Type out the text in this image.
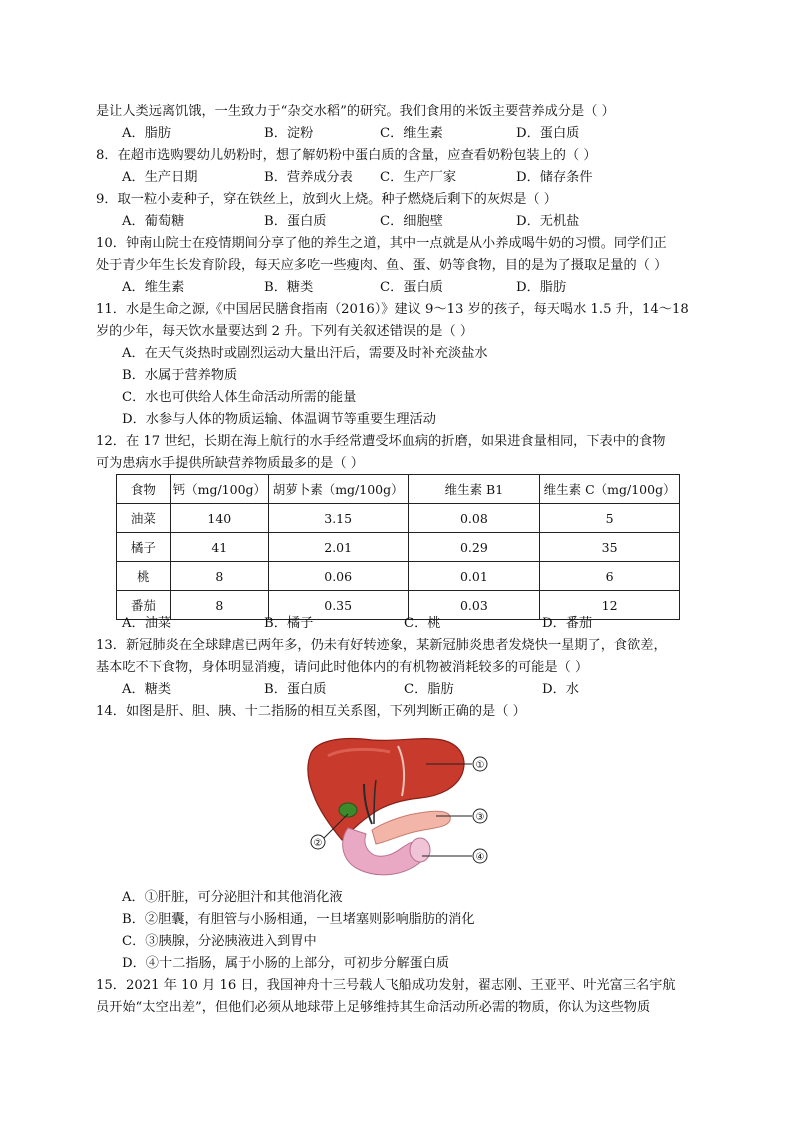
是让人类远离饥饿，一生致力于“杂交水稻”的研究。我们食用的米饭主要营养成分是（ ）
A．脂肪	B．淀粉	C．维生素	D．蛋白质
8．在超市选购婴幼儿奶粉时，想了解奶粉中蛋白质的含量，应查看奶粉包装上的（ ）
A．生产日期	B．营养成分表 C．生产厂家	D．储存条件
9．取一粒小麦种子，穿在铁丝上，放到火上烧。种子燃烧后剩下的灰烬是（ ）
A．葡萄糖	B．蛋白质	C．细胞壁	D．无机盐
10．钟南山院士在疫情期间分享了他的养生之道，其中一点就是从小养成喝牛奶的习惯。同学们正
处于青少年生长发育阶段，每天应多吃一些瘦肉、鱼、蛋、奶等食物，目的是为了摄取足量的（ ）
A．维生素	B．糖类	C．蛋白质	D．脂肪
11．水是生命之源,《中国居民膳食指南（2016）》建议 9～13 岁的孩子，每天喝水 1.5 升，14～18
岁的少年，每天饮水量要达到 2 升。下列有关叙述错误的是（ ）
A．在天气炎热时或剧烈运动大量出汗后，需要及时补充淡盐水
B．水属于营养物质
C．水也可供给人体生命活动所需的能量
D．水参与人体的物质运输、体温调节等重要生理活动
12．在 17 世纪，长期在海上航行的水手经常遭受坏血病的折磨，如果进食量相同，下表中的食物
可为患病水手提供所缺营养物质最多的是（ ）
食物	钙（mg/100g）	胡萝卜素（mg/100g）	维生素 B1	维生素 C（mg/100g）
油菜	140	3.15	0.08	5
橘子	41	2.01	0.29	35
桃	8	0.06	0.01	6
番茄	8	0.35	0.03	12
A．油菜	B．橘子	C．桃	D．番茄
13．新冠肺炎在全球肆虐已两年多，仍未有好转迹象，某新冠肺炎患者发烧快一星期了，食欲差，
基本吃不下食物，身体明显消瘦，请问此时他体内的有机物被消耗较多的可能是（ ）
A．糖类	B．蛋白质	C．脂肪	D．水
14．如图是肝、胆、胰、十二指肠的相互关系图，下列判断正确的是（ ）
①
②
③
④
A．①肝脏，可分泌胆汁和其他消化液
B．②胆囊，有胆管与小肠相通，一旦堵塞则影响脂肪的消化
C．③胰腺，分泌胰液进入到胃中
D．④十二指肠，属于小肠的上部分，可初步分解蛋白质
15．2021 年 10 月 16 日，我国神舟十三号载人飞船成功发射，翟志刚、王亚平、叶光富三名宇航
员开始“太空出差”，但他们必须从地球带上足够维持其生命活动所必需的物质，你认为这些物质
